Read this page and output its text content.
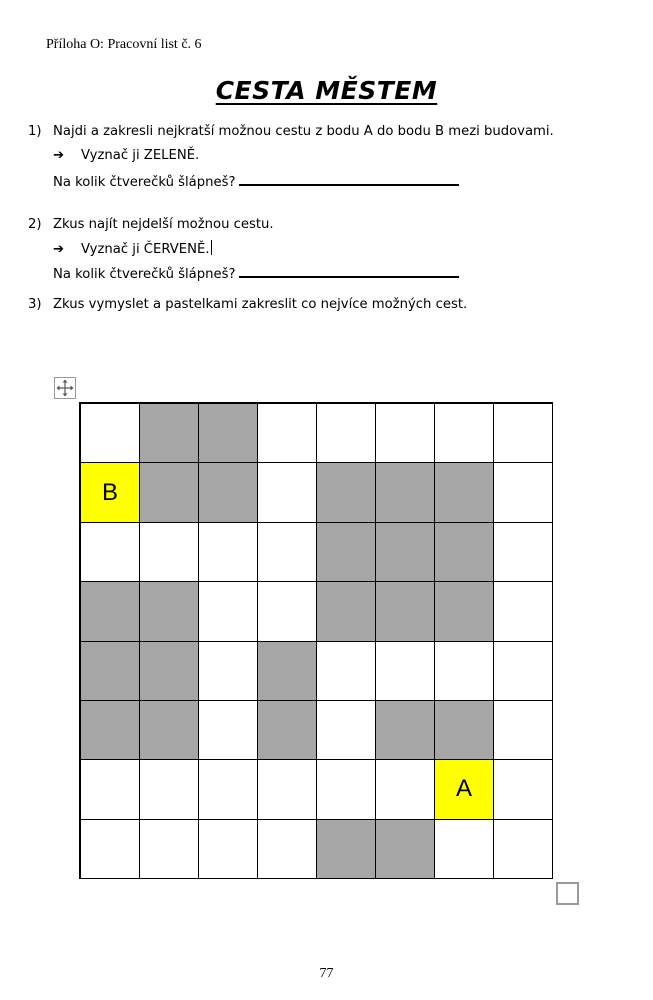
Příloha O: Pracovní list č. 6
CESTA MĚSTEM
1) Najdi a zakresli nejkratší možnou cestu z bodu A do bodu B mezi budovami.
➔ Vyznač ji ZELENĚ.
Na kolik čtverečků šlápneš?
2) Zkus najít nejdelší možnou cestu.
➔ Vyznač ji ČERVENĚ.
Na kolik čtverečků šlápneš?
3) Zkus vymyslet a pastelkami zakreslit co nejvíce možných cest.
B
A
77
